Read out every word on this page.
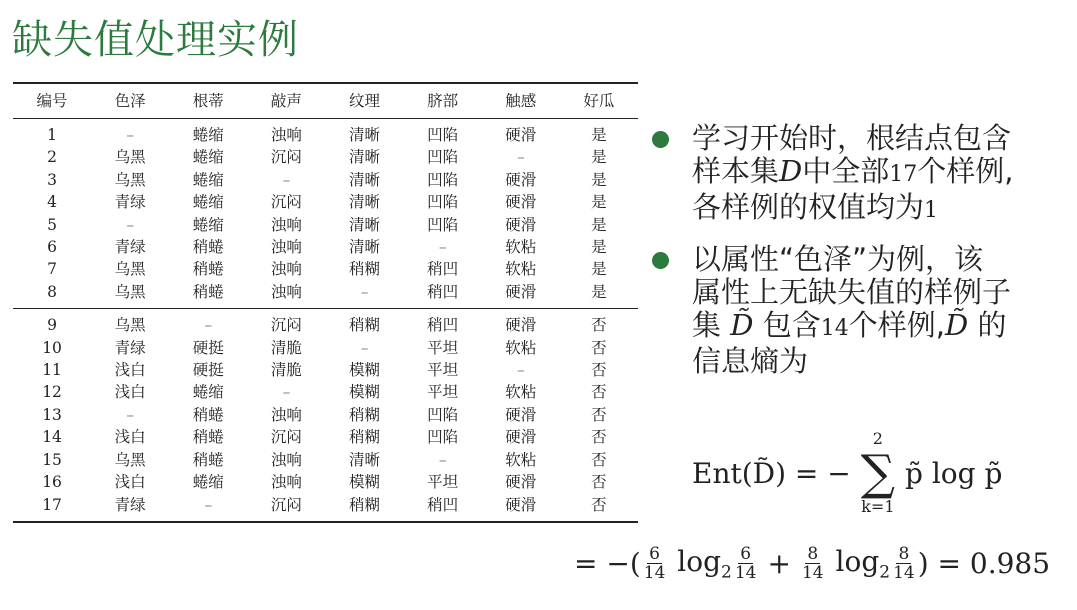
缺失值处理实例
编号	色泽	根蒂	敲声	纹理	脐部	触感	好瓜
1	–	蜷缩	浊响	清晰	凹陷	硬滑	是
2	乌黑	蜷缩	沉闷	清晰	凹陷	–	是
3	乌黑	蜷缩	–	清晰	凹陷	硬滑	是
4	青绿	蜷缩	沉闷	清晰	凹陷	硬滑	是
5	–	蜷缩	浊响	清晰	凹陷	硬滑	是
6	青绿	稍蜷	浊响	清晰	–	软粘	是
7	乌黑	稍蜷	浊响	稍糊	稍凹	软粘	是
8	乌黑	稍蜷	浊响	–	稍凹	硬滑	是
9	乌黑	–	沉闷	稍糊	稍凹	硬滑	否
10	青绿	硬挺	清脆	–	平坦	软粘	否
11	浅白	硬挺	清脆	模糊	平坦	–	否
12	浅白	蜷缩	–	模糊	平坦	软粘	否
13	–	稍蜷	浊响	稍糊	凹陷	硬滑	否
14	浅白	稍蜷	沉闷	稍糊	凹陷	硬滑	否
15	乌黑	稍蜷	浊响	清晰	–	软粘	否
16	浅白	蜷缩	浊响	模糊	平坦	硬滑	否
17	青绿	–	沉闷	稍糊	稍凹	硬滑	否
学习开始时，根结点包含
样本集D中全部17个样例,
各样例的权值均为1
以属性“色泽”为例，该
属性上无缺失值的样例子
集 D̃ 包含14个样例,D̃ 的
信息熵为
Ent(D̃) = −
2
∑
k=1
p̃ log p̃
= −( $\frac{6}{14} \log_2 \frac{6}{14} + \frac{8}{14} \log_2 \frac{8}{14}$ ) = 0.985
